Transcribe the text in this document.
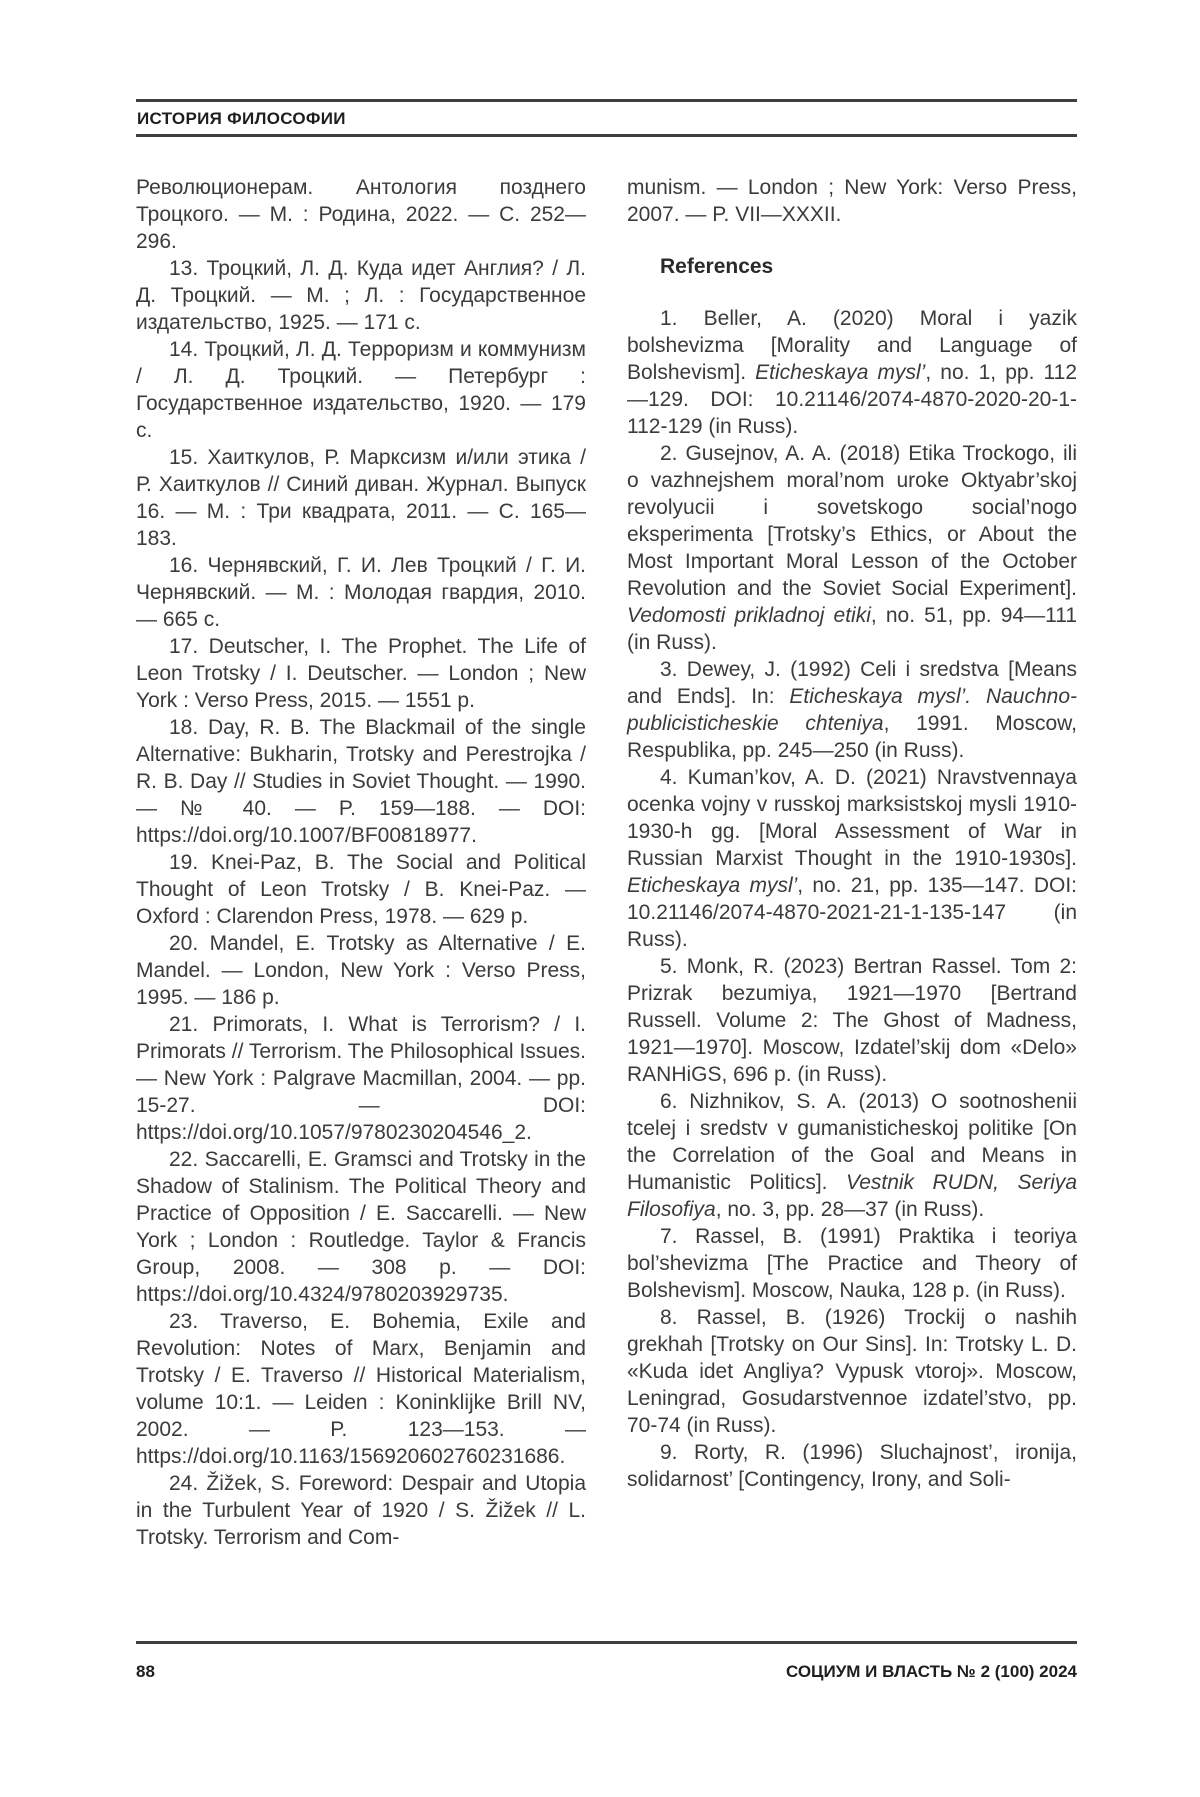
ИСТОРИЯ ФИЛОСОФИИ

Революционерам. Антология позднего Троцкого. — М. : Родина, 2022. — С. 252—296.

13. Троцкий, Л. Д. Куда идет Англия? / Л. Д. Троцкий. — М. ; Л. : Государственное издательство, 1925. — 171 с.

14. Троцкий, Л. Д. Терроризм и коммунизм / Л. Д. Троцкий. — Петербург : Государственное издательство, 1920. — 179 с.

15. Хаиткулов, Р. Марксизм и/или этика / Р. Хаиткулов // Синий диван. Журнал. Выпуск 16. — М. : Три квадрата, 2011. — С. 165—183.

16. Чернявский, Г. И. Лев Троцкий / Г. И. Чернявский. — М. : Молодая гвардия, 2010. — 665 с.

17. Deutscher, I. The Prophet. The Life of Leon Trotsky / I. Deutscher. — London ; New York : Verso Press, 2015. — 1551 p.

18. Day, R. B. The Blackmail of the single Alternative: Bukharin, Trotsky and Perestrojka / R. B. Day // Studies in Soviet Thought. — 1990. — № 40. — P. 159—188. — DOI: https://doi.org/10.1007/BF00818977.

19. Knei-Paz, B. The Social and Political Thought of Leon Trotsky / B. Knei-Paz. — Oxford : Clarendon Press, 1978. — 629 p.

20. Mandel, E. Trotsky as Alternative / E. Mandel. — London, New York : Verso Press, 1995. — 186 p.

21. Primorats, I. What is Terrorism? / I. Primorats // Terrorism. The Philosophical Issues. — New York : Palgrave Macmillan, 2004. — pp. 15-27. — DOI: https://doi.org/10.1057/9780230204546_2.

22. Saccarelli, E. Gramsci and Trotsky in the Shadow of Stalinism. The Political Theory and Practice of Opposition / E. Saccarelli. — New York ; London : Routledge. Taylor & Francis Group, 2008. — 308 p. — DOI: https://doi.org/10.4324/9780203929735.

23. Traverso, E. Bohemia, Exile and Revolution: Notes of Marx, Benjamin and Trotsky / E. Traverso // Historical Materialism, volume 10:1. — Leiden : Koninklijke Brill NV, 2002. — P. 123—153. — https://doi.org/10.1163/156920602760231686.

24. Žižek, S. Foreword: Despair and Utopia in the Turbulent Year of 1920 / S. Žižek // L. Trotsky. Terrorism and Com-

munism. — London ; New York: Verso Press, 2007. — P. VII—XXXII.

References

1. Beller, A. (2020) Moral i yazik bolshevizma [Morality and Language of Bolshevism]. Eticheskaya mysl’, no. 1, pp. 112—129. DOI: 10.21146/2074-4870-2020-20-1-112-129 (in Russ).

2. Gusejnov, A. A. (2018) Etika Trockogo, ili o vazhnejshem moral’nom uroke Oktyabr’skoj revolyucii i sovetskogo social’nogo eksperimenta [Trotsky’s Ethics, or About the Most Important Moral Lesson of the October Revolution and the Soviet Social Experiment]. Vedomosti prikladnoj etiki, no. 51, pp. 94—111 (in Russ).

3. Dewey, J. (1992) Celi i sredstva [Means and Ends]. In: Eticheskaya mysl’. Nauchno-publicisticheskie chteniya, 1991. Moscow, Respublika, pp. 245—250 (in Russ).

4. Kuman’kov, A. D. (2021) Nravstvennaya ocenka vojny v russkoj marksistskoj mysli 1910-1930-h gg. [Moral Assessment of War in Russian Marxist Thought in the 1910-1930s]. Eticheskaya mysl’, no. 21, pp. 135—147. DOI: 10.21146/2074-4870-2021-21-1-135-147 (in Russ).

5. Monk, R. (2023) Bertran Rassel. Tom 2: Prizrak bezumiya, 1921—1970 [Bertrand Russell. Volume 2: The Ghost of Madness, 1921—1970]. Moscow, Izdatel’skij dom «Delo» RANHiGS, 696 p. (in Russ).

6. Nizhnikov, S. A. (2013) O sootnoshenii tcelej i sredstv v gumanisticheskoj politike [On the Correlation of the Goal and Means in Humanistic Politics]. Vestnik RUDN, Seriya Filosofiya, no. 3, pp. 28—37 (in Russ).

7. Rassel, B. (1991) Praktika i teoriya bol’shevizma [The Practice and Theory of Bolshevism]. Moscow, Nauka, 128 p. (in Russ).

8. Rassel, B. (1926) Trockij o nashih grekhah [Trotsky on Our Sins]. In: Trotsky L. D. «Kuda idet Angliya? Vypusk vtoroj». Moscow, Leningrad, Gosudarstvennoe izdatel’stvo, pp. 70-74 (in Russ).

9. Rorty, R. (1996) Sluchajnost’, ironija, solidarnost’ [Contingency, Irony, and Soli-

88	СОЦИУМ И ВЛАСТЬ № 2 (100) 2024
